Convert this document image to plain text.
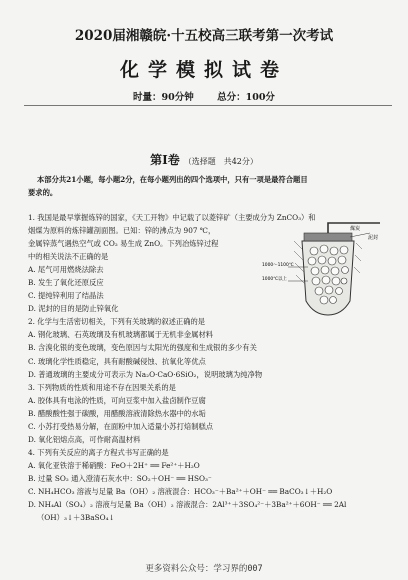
2020届湘赣皖·十五校高三联考第一次考试
化学模拟试卷
时量：90分钟 总分：100分
第Ⅰ卷 （选择题　共42分）
本部分共21小题，每小题2分，在每小题列出的四个选项中，只有一项是最符合题目
要求的。
1. 我国是最早掌握炼锌的国家，《天工开物》中记载了以菱锌矿（主要成分为 ZnCO₃）和
烟煤为原料的炼锌罐剖面图。已知：锌的沸点为 907 ℃，
金属锌蒸气遇热空气或 CO₂ 易生成 ZnO。下列冶炼锌过程
中的相关说法不正确的是
A. 尾气可用燃烧法除去
B. 发生了氧化还原反应
C. 提纯锌利用了结晶法
D. 泥封的目的是防止锌氧化
2. 化学与生活密切相关，下列有关玻璃的叙述正确的是
A. 钢化玻璃、石英玻璃及有机玻璃都属于无机非金属材料
B. 含溴化银的变色玻璃，变色原因与太阳光的强度和生成银的多少有关
C. 玻璃化学性质稳定，具有耐酸碱侵蚀、抗氧化等优点
D. 普通玻璃的主要成分可表示为 Na₂O·CaO·6SiO₂，说明玻璃为纯净物
3. 下列物质的性质和用途不存在因果关系的是
A. 胶体具有电泳的性质，可向豆浆中加入盐卤制作豆腐
B. 醋酸酸性强于碳酸，用醋酸溶液清除热水器中的水垢
C. 小苏打受热易分解，在面粉中加入适量小苏打焙制糕点
D. 氧化铝熔点高，可作耐高温材料
4. 下列有关反应的离子方程式书写正确的是
A. 氧化亚铁溶于稀硝酸：FeO＋2H⁺ ══ Fe²⁺＋H₂O
B. 过量 SO₂ 通入澄清石灰水中：SO₂＋OH⁻ ══ HSO₃⁻
C. NH₄HCO₃ 溶液与足量 Ba（OH）₂ 溶液混合：HCO₃⁻＋Ba²⁺＋OH⁻ ══ BaCO₃↓＋H₂O
D. NH₄Al（SO₄）₂ 溶液与足量 Ba（OH）₂ 溶液混合：2Al³⁺＋3SO₄²⁻＋3Ba²⁺＋6OH⁻ ══ 2Al
（OH）₃↓＋3BaSO₄↓
煤炭
泥封
1000～1100℃
1000℃以上
更多资料公众号：学习界的007
